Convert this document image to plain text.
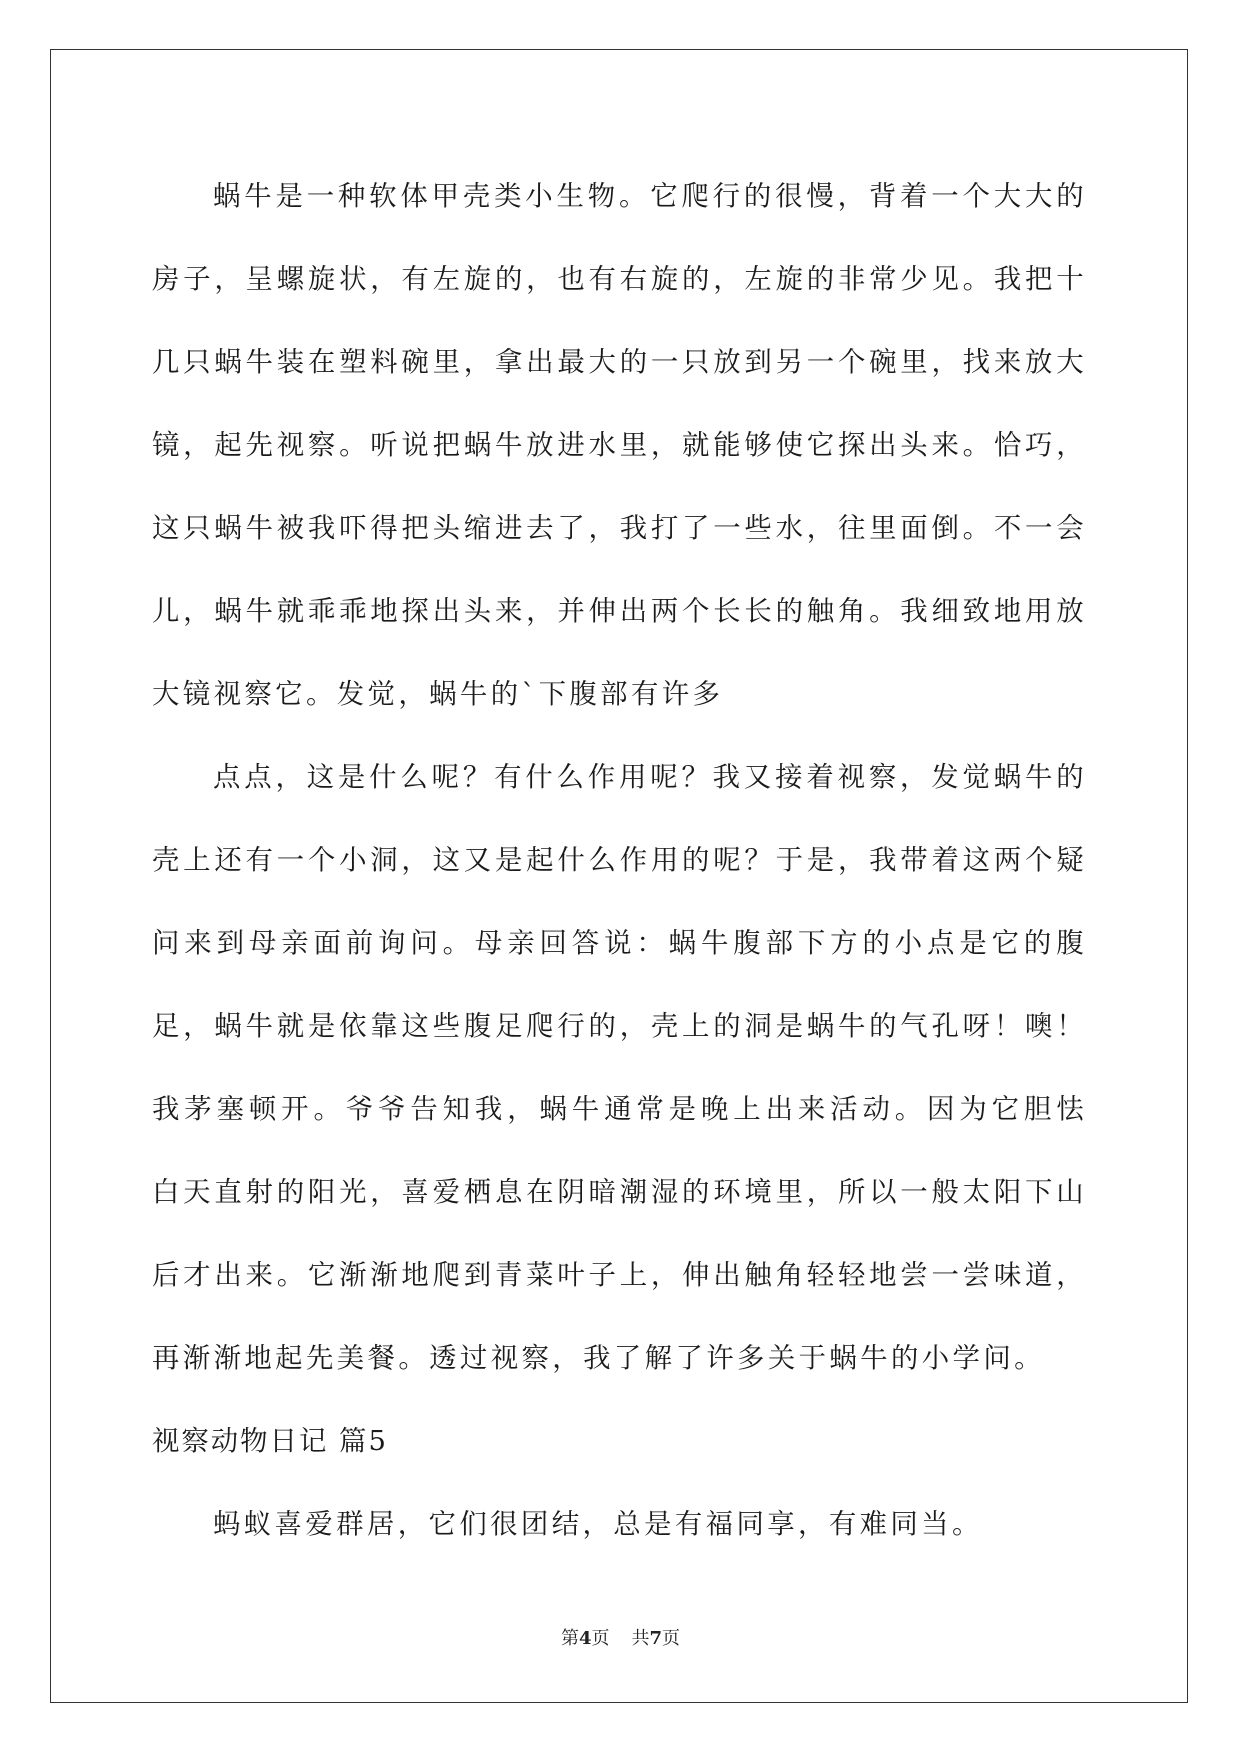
蜗牛是一种软体甲壳类小生物。它爬行的很慢，背着一个大大的房子，呈螺旋状，有左旋的，也有右旋的，左旋的非常少见。我把十几只蜗牛装在塑料碗里，拿出最大的一只放到另一个碗里，找来放大镜，起先视察。听说把蜗牛放进水里，就能够使它探出头来。恰巧，这只蜗牛被我吓得把头缩进去了，我打了一些水，往里面倒。不一会儿，蜗牛就乖乖地探出头来，并伸出两个长长的触角。我细致地用放大镜视察它。发觉，蜗牛的`下腹部有许多

点点，这是什么呢？有什么作用呢？我又接着视察，发觉蜗牛的壳上还有一个小洞，这又是起什么作用的呢？于是，我带着这两个疑问来到母亲面前询问。母亲回答说：蜗牛腹部下方的小点是它的腹足，蜗牛就是依靠这些腹足爬行的，壳上的洞是蜗牛的气孔呀！噢！我茅塞顿开。爷爷告知我，蜗牛通常是晚上出来活动。因为它胆怯　白天直射的阳光，喜爱栖息在阴暗潮湿的环境里，所以一般太阳下山后才出来。它渐渐地爬到青菜叶子上，伸出触角轻轻地尝一尝味道，再渐渐地起先美餐。透过视察，我了解了许多关于蜗牛的小学问。

视察动物日记 篇5

蚂蚁喜爱群居，它们很团结，总是有福同享，有难同当。

第4页 共7页
